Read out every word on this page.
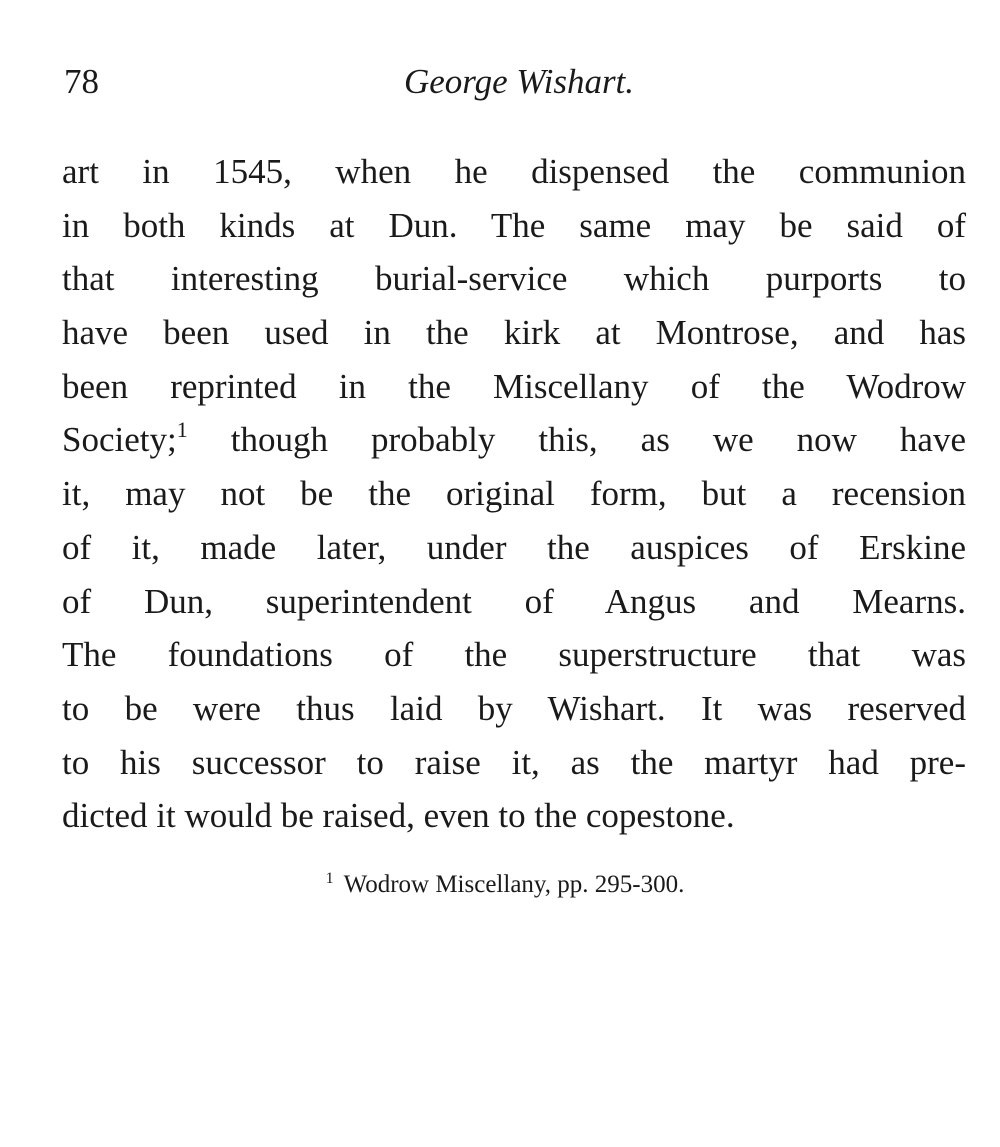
78	George Wishart.
art in 1545, when he dispensed the communion
in both kinds at Dun. The same may be said of
that interesting burial-service which purports to
have been used in the kirk at Montrose, and has
been reprinted in the Miscellany of the Wodrow
Society;$^1$ though probably this, as we now have
it, may not be the original form, but a recension
of it, made later, under the auspices of Erskine
of Dun, superintendent of Angus and Mearns.
The foundations of the superstructure that was
to be were thus laid by Wishart. It was reserved
to his successor to raise it, as the martyr had pre-
dicted it would be raised, even to the copestone.
$^1$ Wodrow Miscellany, pp. 295-300.
